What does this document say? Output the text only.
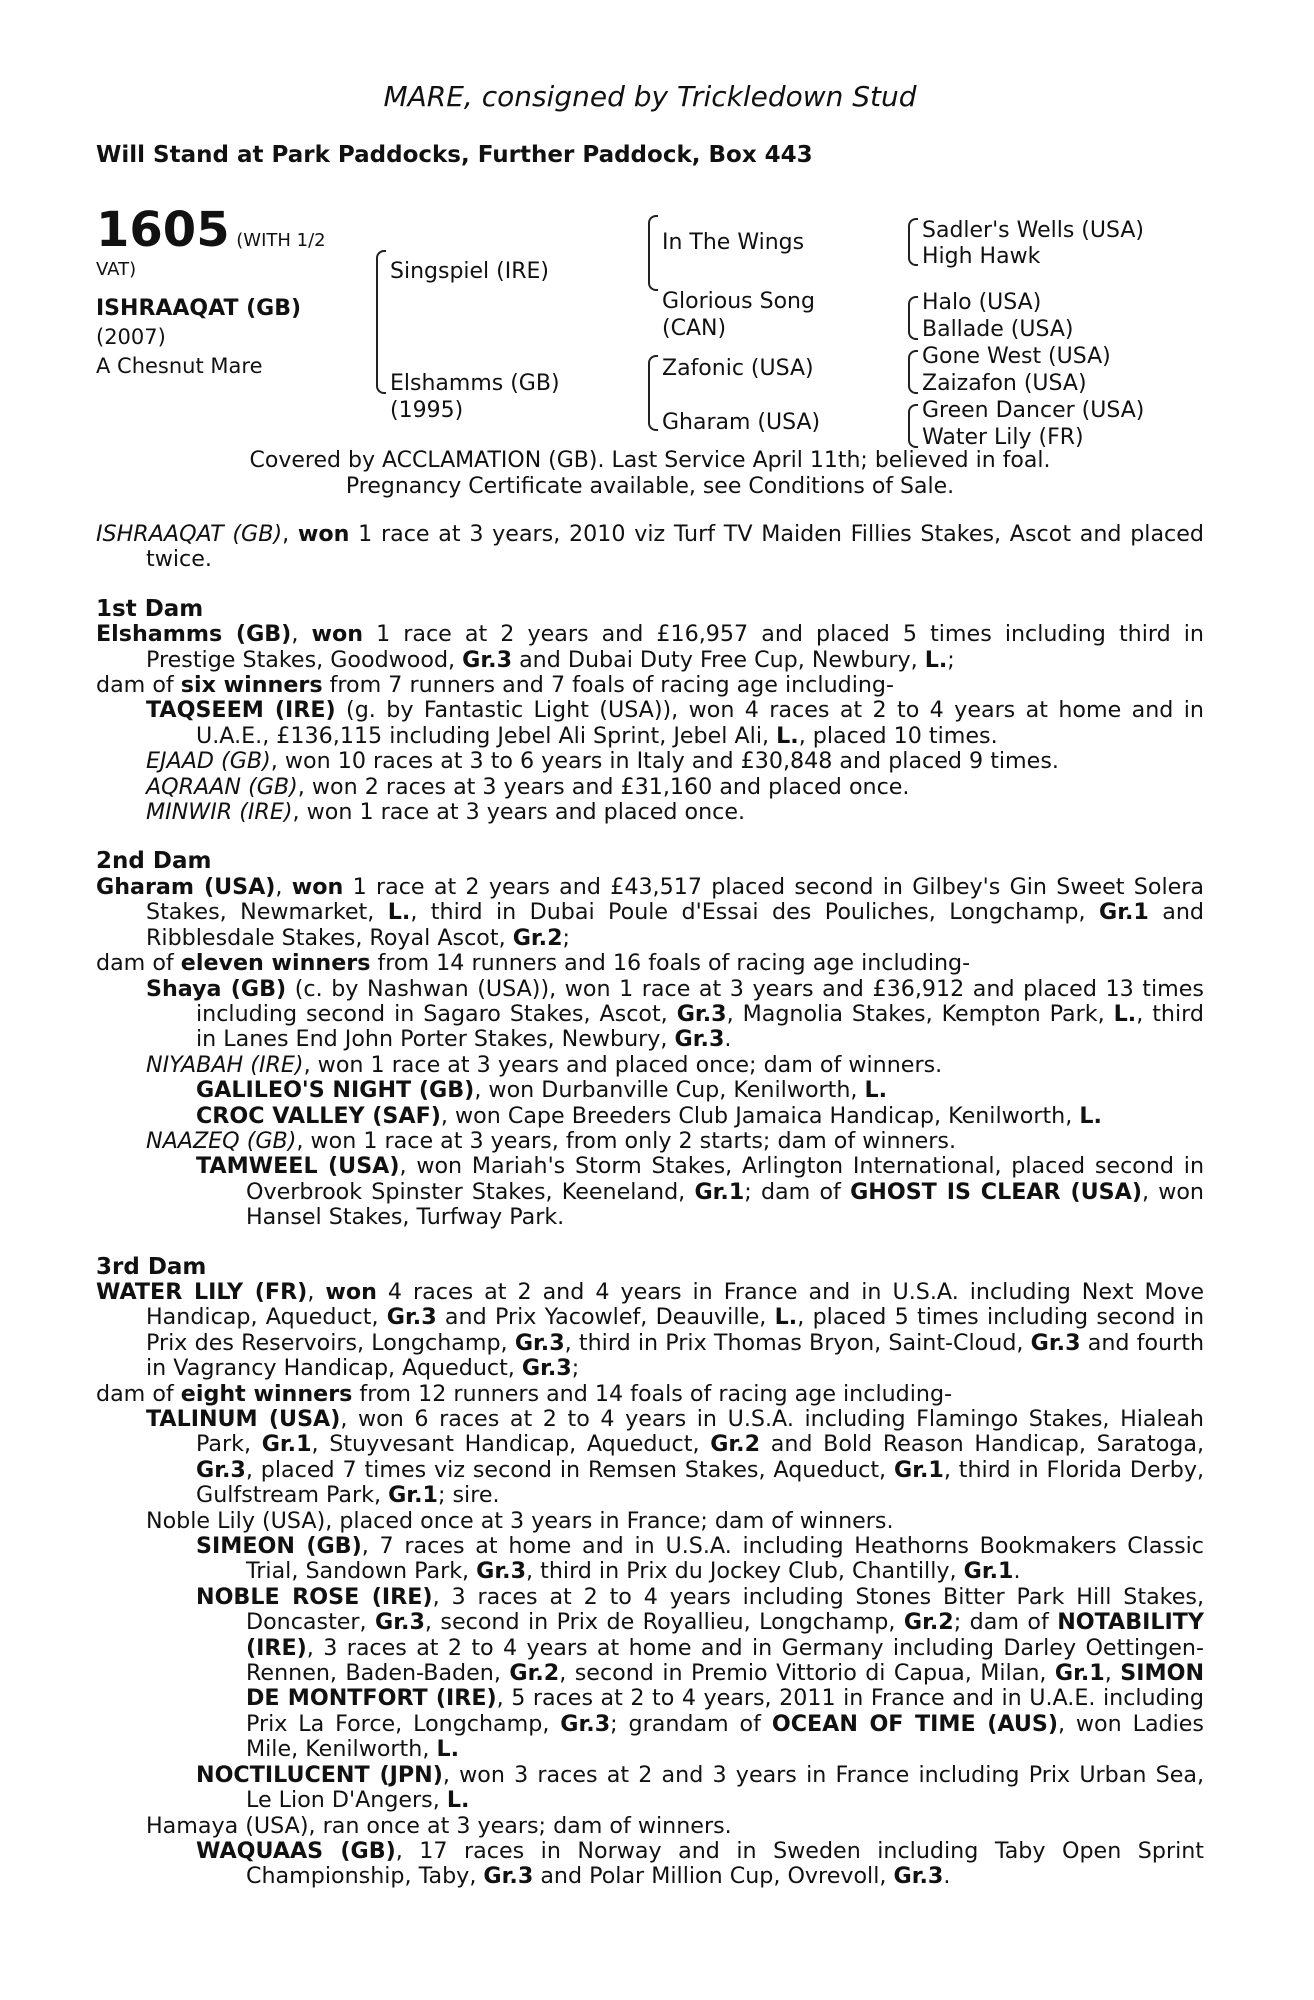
MARE, consigned by Trickledown Stud
Will Stand at Park Paddocks, Further Paddock, Box 443
1605 (WITH 1/2
VAT)
ISHRAAQAT (GB)
(2007)
A Chesnut Mare
Singspiel (IRE)
Elshamms (GB)
(1995)
In The Wings
Glorious Song
(CAN)
Zafonic (USA)
Gharam (USA)
Sadler's Wells (USA)
High Hawk
Halo (USA)
Ballade (USA)
Gone West (USA)
Zaizafon (USA)
Green Dancer (USA)
Water Lily (FR)
Covered by ACCLAMATION (GB). Last Service April 11th; believed in foal.
Pregnancy Certificate available, see Conditions of Sale.

ISHRAAQAT (GB), won 1 race at 3 years, 2010 viz Turf TV Maiden Fillies Stakes, Ascot and placed twice.

1st Dam

Elshamms (GB), won 1 race at 2 years and £16,957 and placed 5 times including third in Prestige Stakes, Goodwood, Gr.3 and Dubai Duty Free Cup, Newbury, L.;

dam of six winners from 7 runners and 7 foals of racing age including-

TAQSEEM (IRE) (g. by Fantastic Light (USA)), won 4 races at 2 to 4 years at home and in U.A.E., £136,115 including Jebel Ali Sprint, Jebel Ali, L., placed 10 times.

EJAAD (GB), won 10 races at 3 to 6 years in Italy and £30,848 and placed 9 times.

AQRAAN (GB), won 2 races at 3 years and £31,160 and placed once.

MINWIR (IRE), won 1 race at 3 years and placed once.

2nd Dam

Gharam (USA), won 1 race at 2 years and £43,517 placed second in Gilbey's Gin Sweet Solera Stakes, Newmarket, L., third in Dubai Poule d'Essai des Pouliches, Longchamp, Gr.1 and Ribblesdale Stakes, Royal Ascot, Gr.2;

dam of eleven winners from 14 runners and 16 foals of racing age including-

Shaya (GB) (c. by Nashwan (USA)), won 1 race at 3 years and £36,912 and placed 13 times including second in Sagaro Stakes, Ascot, Gr.3, Magnolia Stakes, Kempton Park, L., third in Lanes End John Porter Stakes, Newbury, Gr.3.

NIYABAH (IRE), won 1 race at 3 years and placed once; dam of winners.

GALILEO'S NIGHT (GB), won Durbanville Cup, Kenilworth, L.

CROC VALLEY (SAF), won Cape Breeders Club Jamaica Handicap, Kenilworth, L.

NAAZEQ (GB), won 1 race at 3 years, from only 2 starts; dam of winners.

TAMWEEL (USA), won Mariah's Storm Stakes, Arlington International, placed second in Overbrook Spinster Stakes, Keeneland, Gr.1; dam of GHOST IS CLEAR (USA), won Hansel Stakes, Turfway Park.

3rd Dam

WATER LILY (FR), won 4 races at 2 and 4 years in France and in U.S.A. including Next Move Handicap, Aqueduct, Gr.3 and Prix Yacowlef, Deauville, L., placed 5 times including second in Prix des Reservoirs, Longchamp, Gr.3, third in Prix Thomas Bryon, Saint-Cloud, Gr.3 and fourth in Vagrancy Handicap, Aqueduct, Gr.3;

dam of eight winners from 12 runners and 14 foals of racing age including-

TALINUM (USA), won 6 races at 2 to 4 years in U.S.A. including Flamingo Stakes, Hialeah Park, Gr.1, Stuyvesant Handicap, Aqueduct, Gr.2 and Bold Reason Handicap, Saratoga, Gr.3, placed 7 times viz second in Remsen Stakes, Aqueduct, Gr.1, third in Florida Derby, Gulfstream Park, Gr.1; sire.

Noble Lily (USA), placed once at 3 years in France; dam of winners.

SIMEON (GB), 7 races at home and in U.S.A. including Heathorns Bookmakers Classic Trial, Sandown Park, Gr.3, third in Prix du Jockey Club, Chantilly, Gr.1.

NOBLE ROSE (IRE), 3 races at 2 to 4 years including Stones Bitter Park Hill Stakes, Doncaster, Gr.3, second in Prix de Royallieu, Longchamp, Gr.2; dam of NOTABILITY (IRE), 3 races at 2 to 4 years at home and in Germany including Darley Oettingen-Rennen, Baden-Baden, Gr.2, second in Premio Vittorio di Capua, Milan, Gr.1, SIMON DE MONTFORT (IRE), 5 races at 2 to 4 years, 2011 in France and in U.A.E. including Prix La Force, Longchamp, Gr.3; grandam of OCEAN OF TIME (AUS), won Ladies Mile, Kenilworth, L.

NOCTILUCENT (JPN), won 3 races at 2 and 3 years in France including Prix Urban Sea, Le Lion D'Angers, L.

Hamaya (USA), ran once at 3 years; dam of winners.

WAQUAAS (GB), 17 races in Norway and in Sweden including Taby Open Sprint Championship, Taby, Gr.3 and Polar Million Cup, Ovrevoll, Gr.3.
